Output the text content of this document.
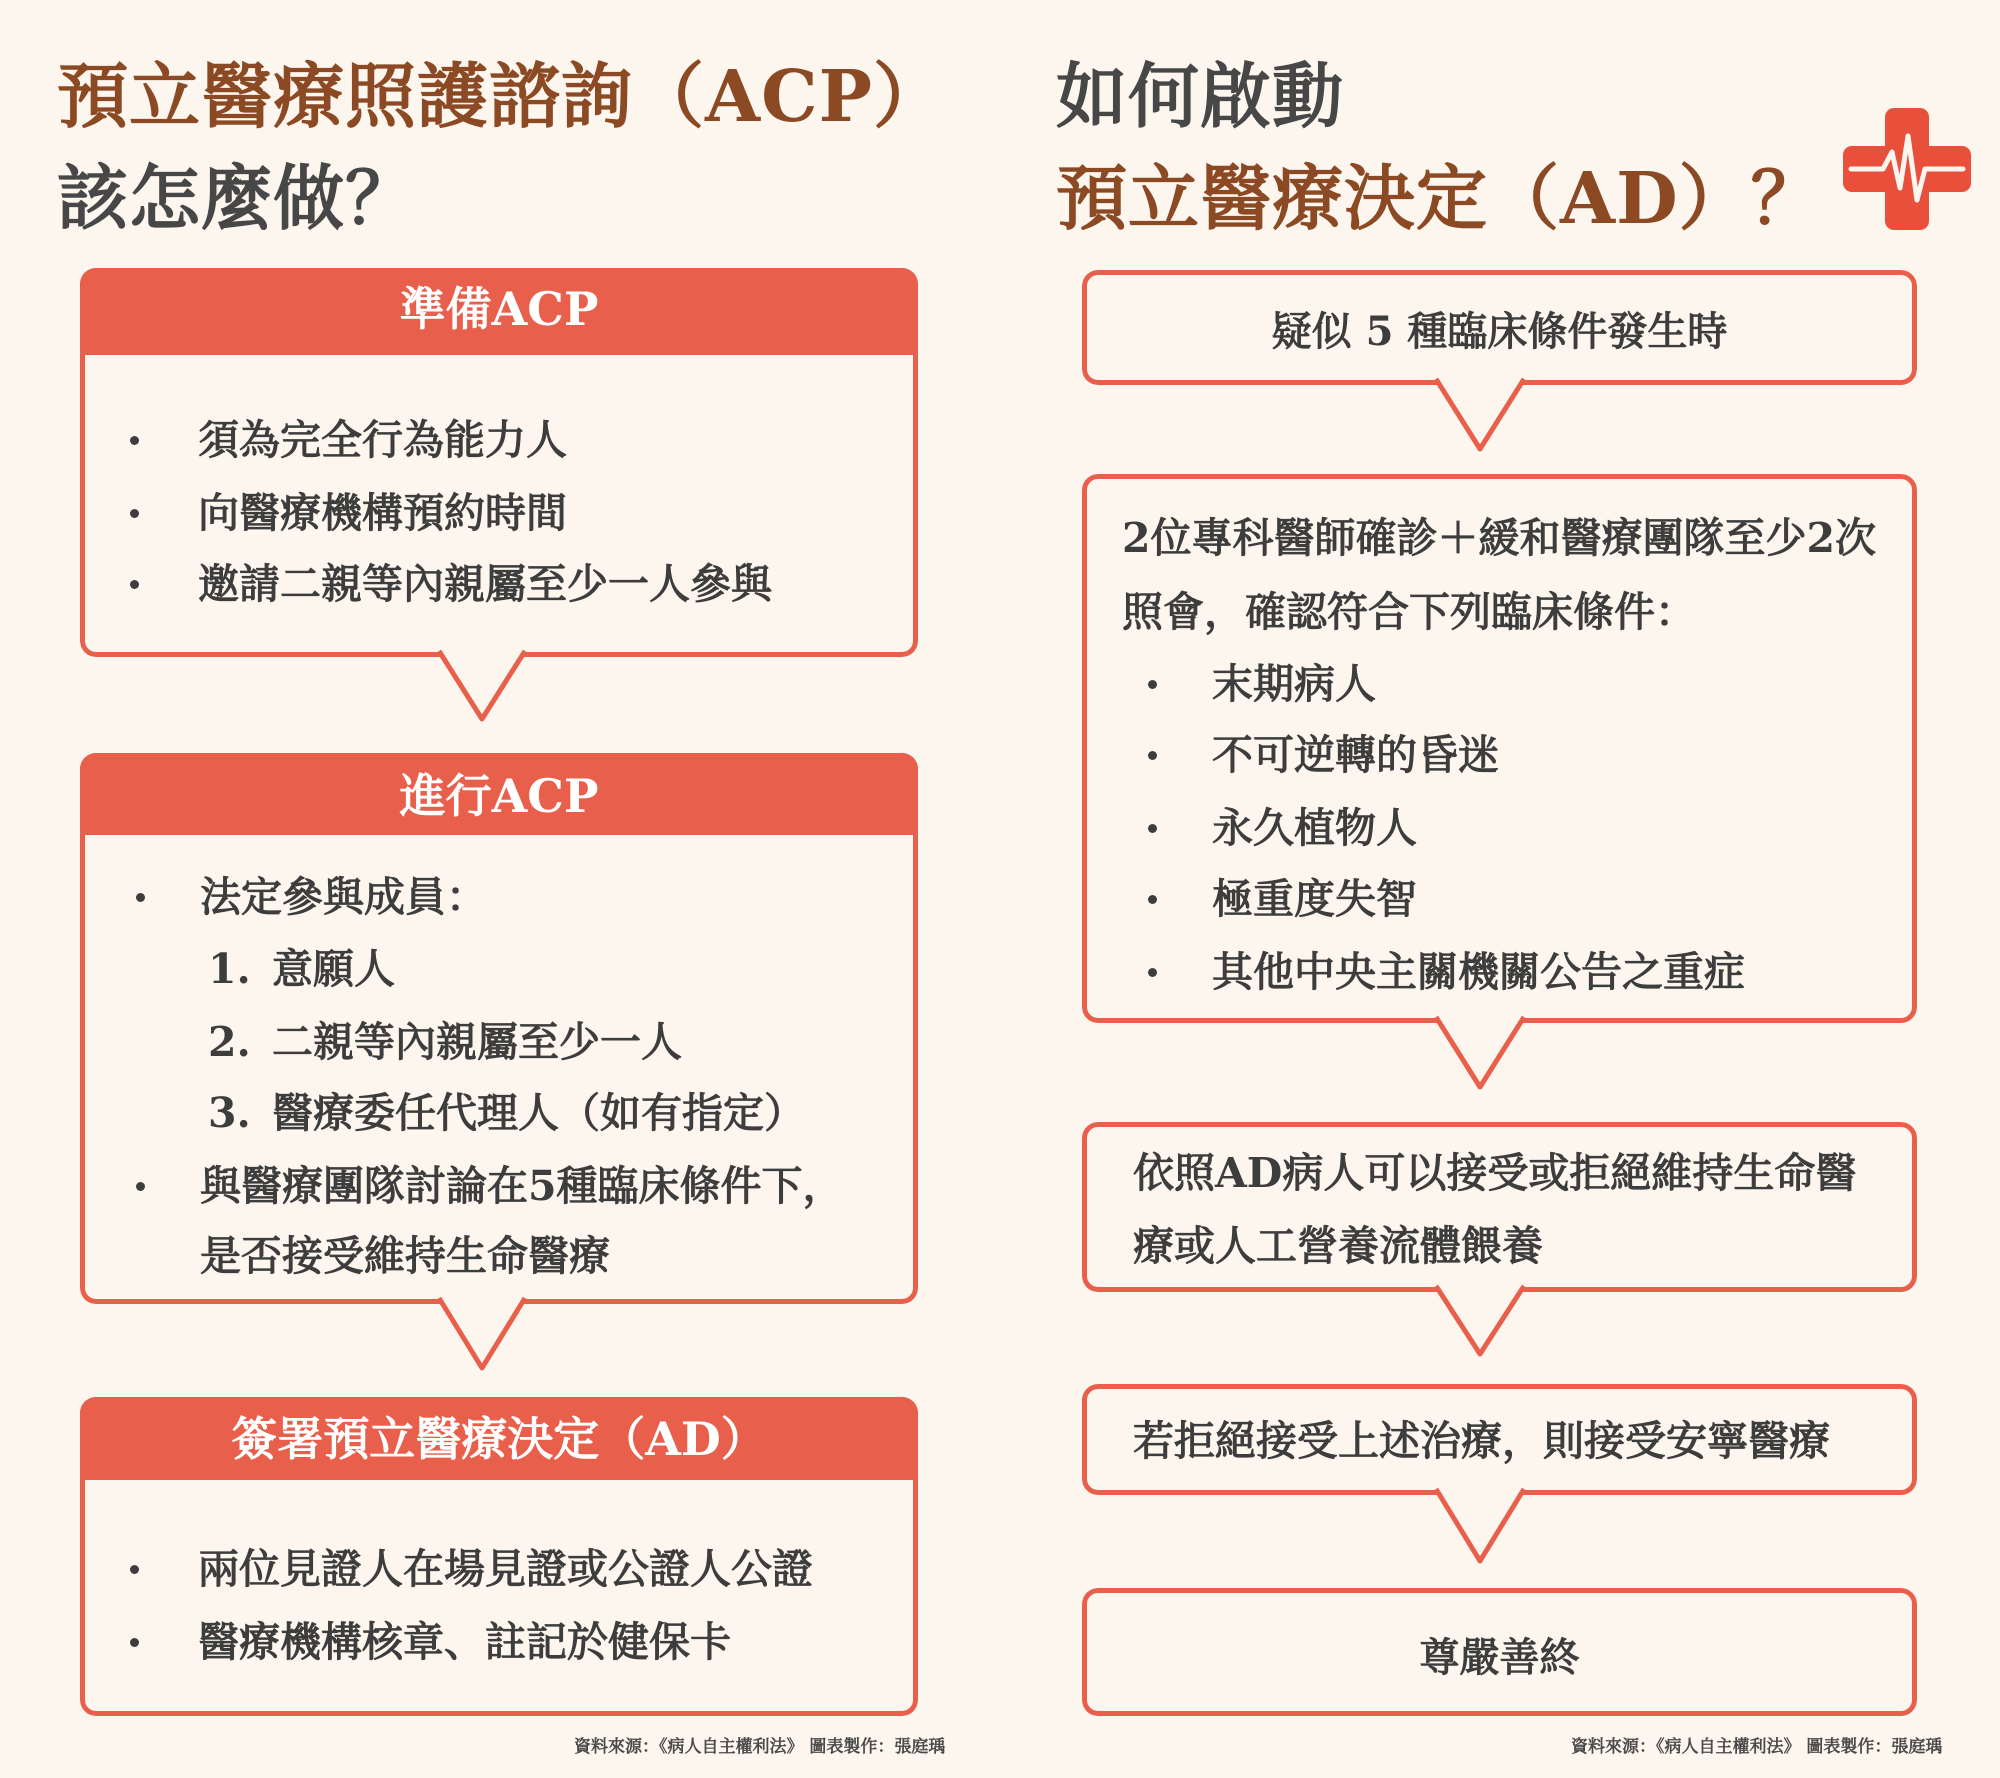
預立醫療照護諮詢（ACP）
該怎麼做？
如何啟動
預立醫療決定（AD）？
準備ACP
須為完全行為能力人
向醫療機構預約時間
邀請二親等內親屬至少一人參與
進行ACP
法定參與成員：
1. 意願人
2. 二親等內親屬至少一人
3. 醫療委任代理人（如有指定）
與醫療團隊討論在5種臨床條件下，
是否接受維持生命醫療
簽署預立醫療決定（AD）
兩位見證人在場見證或公證人公證
醫療機構核章、註記於健保卡
資料來源：《病人自主權利法》 圖表製作：張庭瑀
疑似 5 種臨床條件發生時
2位專科醫師確診＋緩和醫療團隊至少2次
照會，確認符合下列臨床條件：
末期病人
不可逆轉的昏迷
永久植物人
極重度失智
其他中央主關機關公告之重症
依照AD病人可以接受或拒絕維持生命醫
療或人工營養流體餵養
若拒絕接受上述治療，則接受安寧醫療
尊嚴善終
資料來源：《病人自主權利法》 圖表製作：張庭瑀
